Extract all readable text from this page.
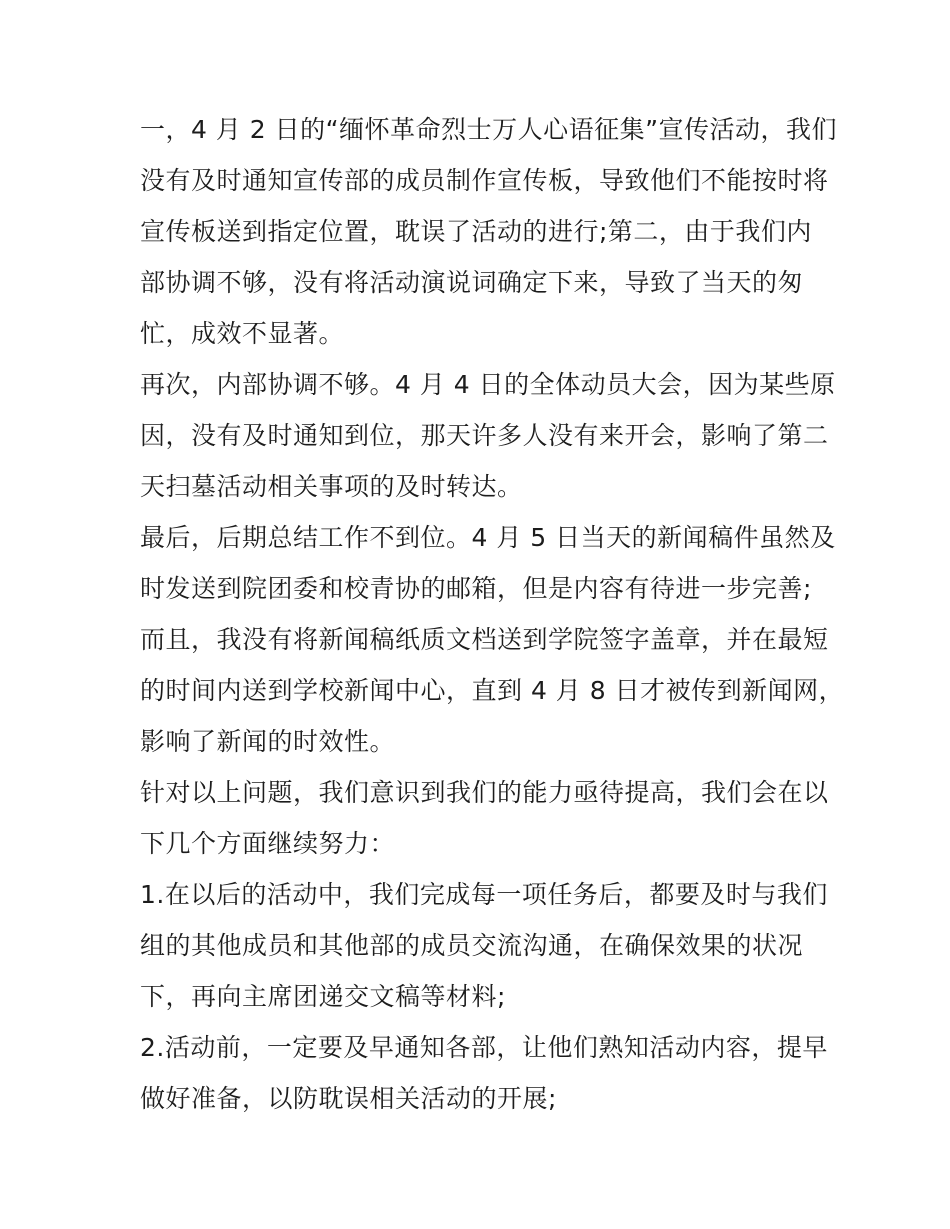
一，4 月 2 日的“缅怀革命烈士万人心语征集”宣传活动，我们
没有及时通知宣传部的成员制作宣传板，导致他们不能按时将
宣传板送到指定位置，耽误了活动的进行;第二，由于我们内
部协调不够，没有将活动演说词确定下来，导致了当天的匆
忙，成效不显著。

再次，内部协调不够。4 月 4 日的全体动员大会，因为某些原
因，没有及时通知到位，那天许多人没有来开会，影响了第二
天扫墓活动相关事项的及时转达。

最后，后期总结工作不到位。4 月 5 日当天的新闻稿件虽然及
时发送到院团委和校青协的邮箱，但是内容有待进一步完善;
而且，我没有将新闻稿纸质文档送到学院签字盖章，并在最短
的时间内送到学校新闻中心，直到 4 月 8 日才被传到新闻网，
影响了新闻的时效性。

针对以上问题，我们意识到我们的能力亟待提高，我们会在以
下几个方面继续努力：

1.在以后的活动中，我们完成每一项任务后，都要及时与我们
组的其他成员和其他部的成员交流沟通，在确保效果的状况
下，再向主席团递交文稿等材料;

2.活动前，一定要及早通知各部，让他们熟知活动内容，提早
做好准备，以防耽误相关活动的开展;
